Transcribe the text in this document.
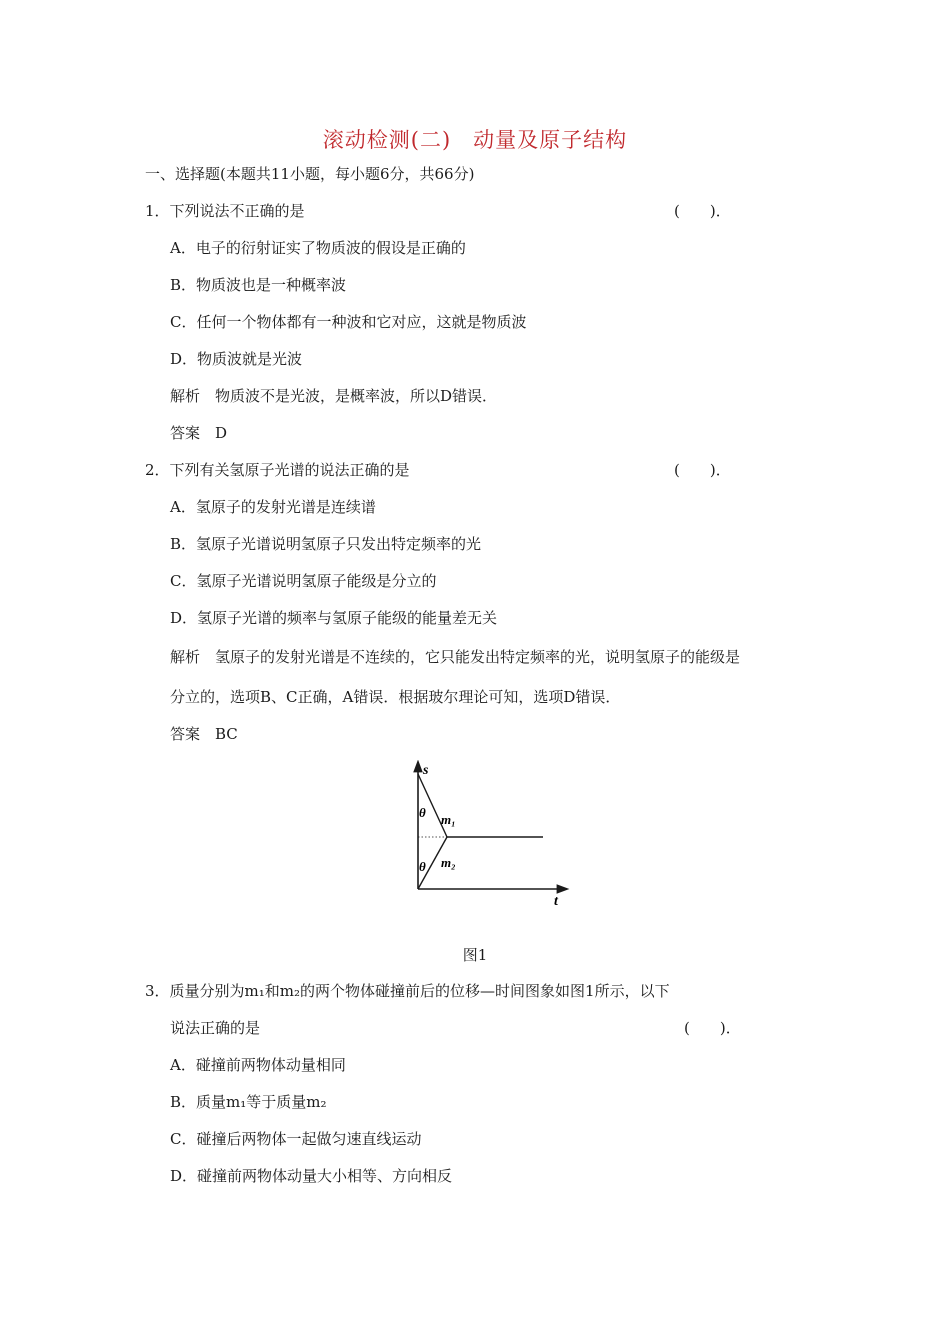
滚动检测(二)　动量及原子结构
一、选择题(本题共11小题，每小题6分，共66分)
1．下列说法不正确的是	(　　)．
A．电子的衍射证实了物质波的假设是正确的
B．物质波也是一种概率波
C．任何一个物体都有一种波和它对应，这就是物质波
D．物质波就是光波
解析　物质波不是光波，是概率波，所以D错误．
答案　D
2．下列有关氢原子光谱的说法正确的是	(　　)．
A．氢原子的发射光谱是连续谱
B．氢原子光谱说明氢原子只发出特定频率的光
C．氢原子光谱说明氢原子能级是分立的
D．氢原子光谱的频率与氢原子能级的能量差无关
解析　氢原子的发射光谱是不连续的，它只能发出特定频率的光，说明氢原子的能级是
分立的，选项B、C正确，A错误．根据玻尔理论可知，选项D错误．
答案　BC
s
t
θ
θ
m₁
m₂
图1
3．质量分别为m₁和m₂的两个物体碰撞前后的位移—时间图象如图1所示，以下
说法正确的是	(　　)．
A．碰撞前两物体动量相同
B．质量m₁等于质量m₂
C．碰撞后两物体一起做匀速直线运动
D．碰撞前两物体动量大小相等、方向相反
